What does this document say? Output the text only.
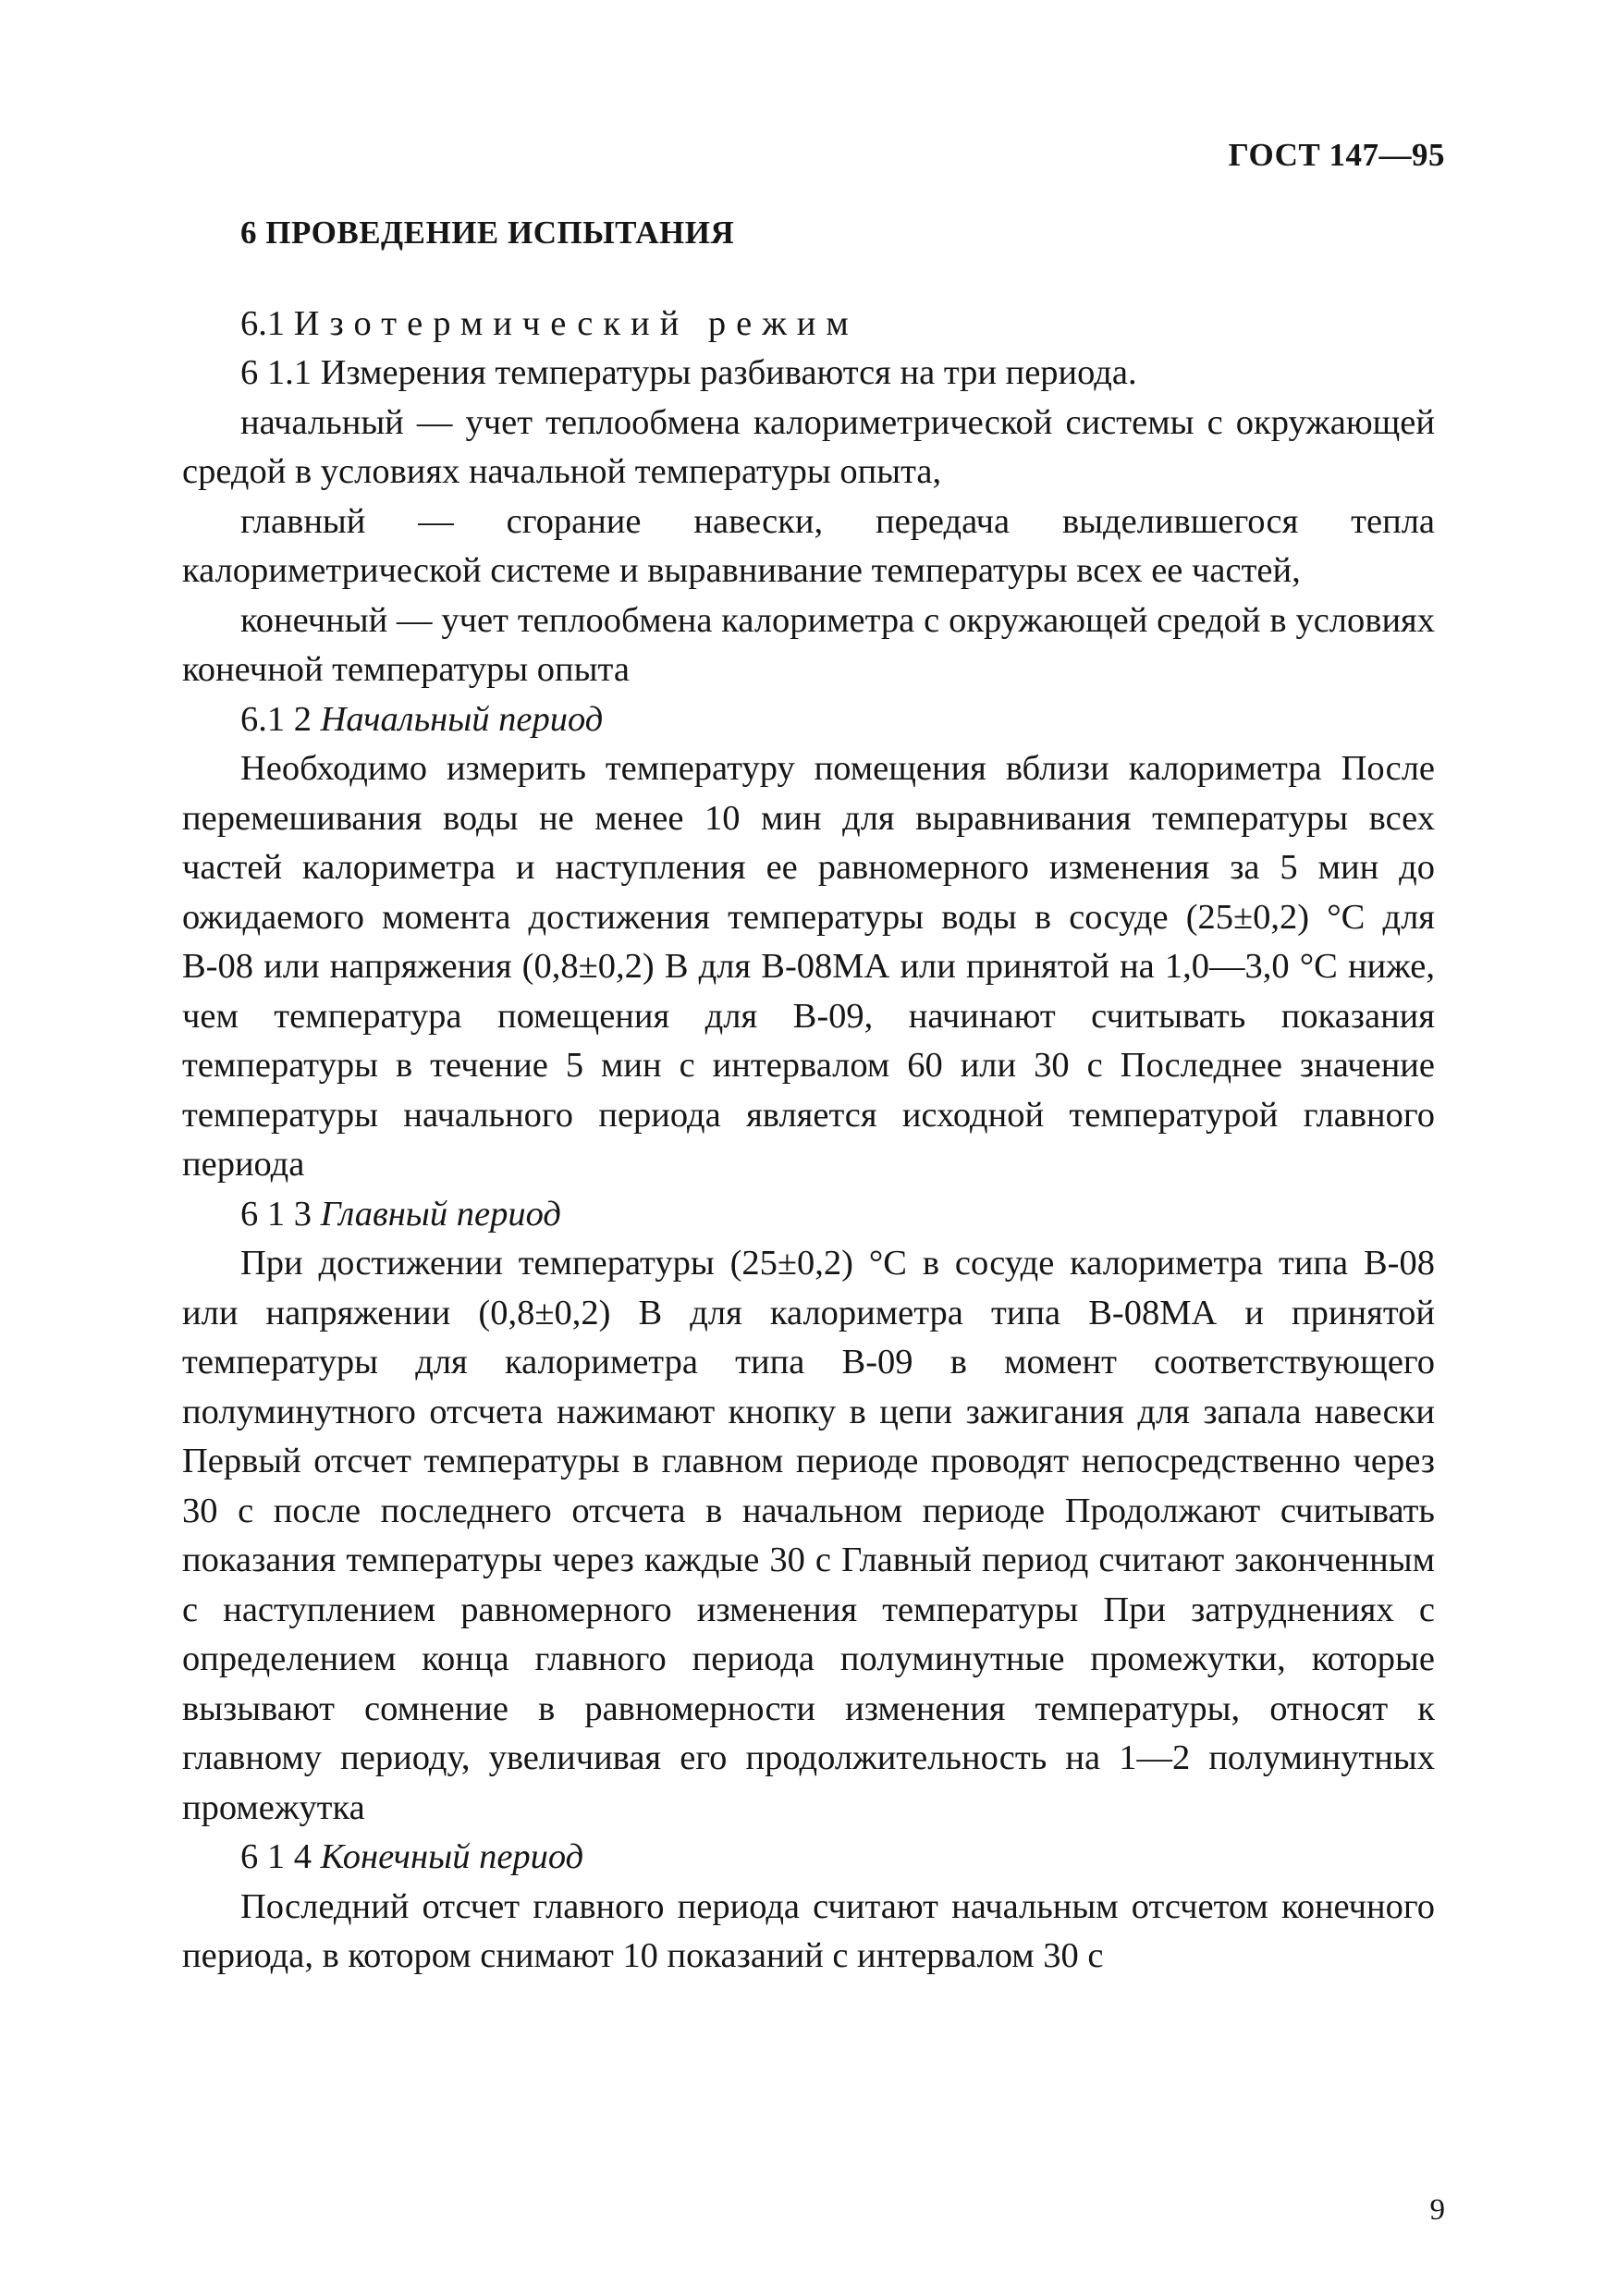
ГОСТ 147—95
6 ПРОВЕДЕНИЕ ИСПЫТАНИЯ
6.1 Изотермический режим

6 1.1 Измерения температуры разбиваются на три периода.

начальный — учет теплообмена калориметрической системы с окружающей средой в условиях начальной температуры опыта,

главный — сгорание навески, передача выделившегося тепла калориметрической системе и выравнивание температуры всех ее частей,

конечный — учет теплообмена калориметра с окружающей средой в условиях конечной температуры опыта

6.1 2 Начальный период

Необходимо измерить температуру помещения вблизи калориметра После перемешивания воды не менее 10 мин для выравнивания температуры всех частей калориметра и наступления ее равномерного изменения за 5 мин до ожидаемого момента достижения температуры воды в сосуде (25±0,2) °С для В-08 или напряжения (0,8±0,2) В для В-08МА или принятой на 1,0—3,0 °С ниже, чем температура помещения для В-09, начинают считывать показания температуры в течение 5 мин с интервалом 60 или 30 с Последнее значение температуры начального периода является исходной температурой главного периода

6 1 3 Главный период

При достижении температуры (25±0,2) °С в сосуде калориметра типа В-08 или напряжении (0,8±0,2) В для калориметра типа В-08МА и принятой температуры для калориметра типа В-09 в момент соответствующего полуминутного отсчета нажимают кнопку в цепи зажигания для запала навески Первый отсчет температуры в главном периоде проводят непосредственно через 30 с после последнего отсчета в начальном периоде Продолжают считывать показания температуры через каждые 30 с Главный период считают законченным с наступлением равномерного изменения температуры При затруднениях с определением конца главного периода полуминутные промежутки, которые вызывают сомнение в равномерности изменения температуры, относят к главному периоду, увеличивая его продолжительность на 1—2 полуминутных промежутка

6 1 4 Конечный период

Последний отсчет главного периода считают начальным отсчетом конечного периода, в котором снимают 10 показаний с интервалом 30 с

9
